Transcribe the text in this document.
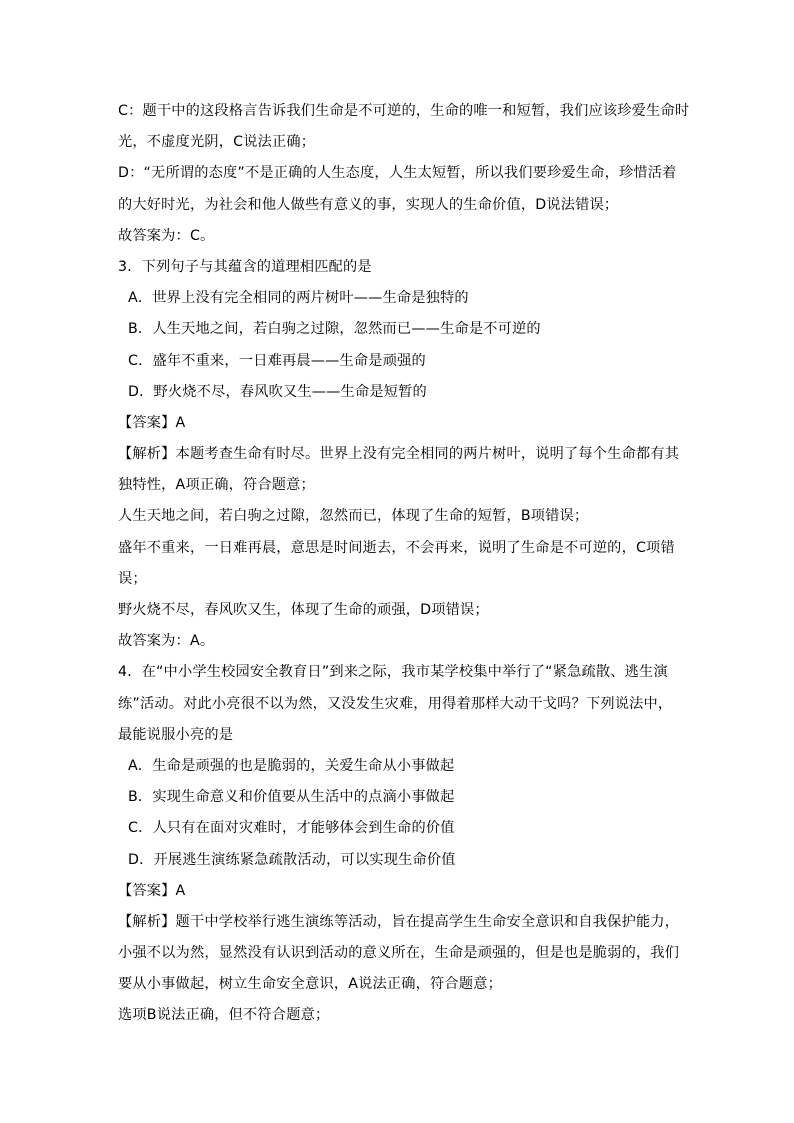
C：题干中的这段格言告诉我们生命是不可逆的，生命的唯一和短暂，我们应该珍爱生命时
光，不虚度光阴，C说法正确；
D：“无所谓的态度”不是正确的人生态度，人生太短暂，所以我们要珍爱生命，珍惜活着
的大好时光，为社会和他人做些有意义的事，实现人的生命价值，D说法错误；
故答案为：C。
3．下列句子与其蕴含的道理相匹配的是
A．世界上没有完全相同的两片树叶——生命是独特的
B．人生天地之间，若白驹之过隙，忽然而已——生命是不可逆的
C．盛年不重来，一日难再晨——生命是顽强的
D．野火烧不尽，春风吹又生——生命是短暂的
【答案】A
【解析】本题考查生命有时尽。世界上没有完全相同的两片树叶，说明了每个生命都有其
独特性，A项正确，符合题意；
人生天地之间，若白驹之过隙，忽然而已，体现了生命的短暂，B项错误；
盛年不重来，一日难再晨，意思是时间逝去，不会再来，说明了生命是不可逆的，C项错
误；
野火烧不尽，春风吹又生，体现了生命的顽强，D项错误；
故答案为：A。
4．在“中小学生校园安全教育日”到来之际，我市某学校集中举行了“紧急疏散、逃生演
练”活动。对此小亮很不以为然，又没发生灾难，用得着那样大动干戈吗？下列说法中，
最能说服小亮的是
A．生命是顽强的也是脆弱的，关爱生命从小事做起
B．实现生命意义和价值要从生活中的点滴小事做起
C．人只有在面对灾难时，才能够体会到生命的价值
D．开展逃生演练紧急疏散活动，可以实现生命价值
【答案】A
【解析】题干中学校举行逃生演练等活动，旨在提高学生生命安全意识和自我保护能力，
小强不以为然，显然没有认识到活动的意义所在，生命是顽强的，但是也是脆弱的，我们
要从小事做起，树立生命安全意识，A说法正确，符合题意；
选项B说法正确，但不符合题意；
